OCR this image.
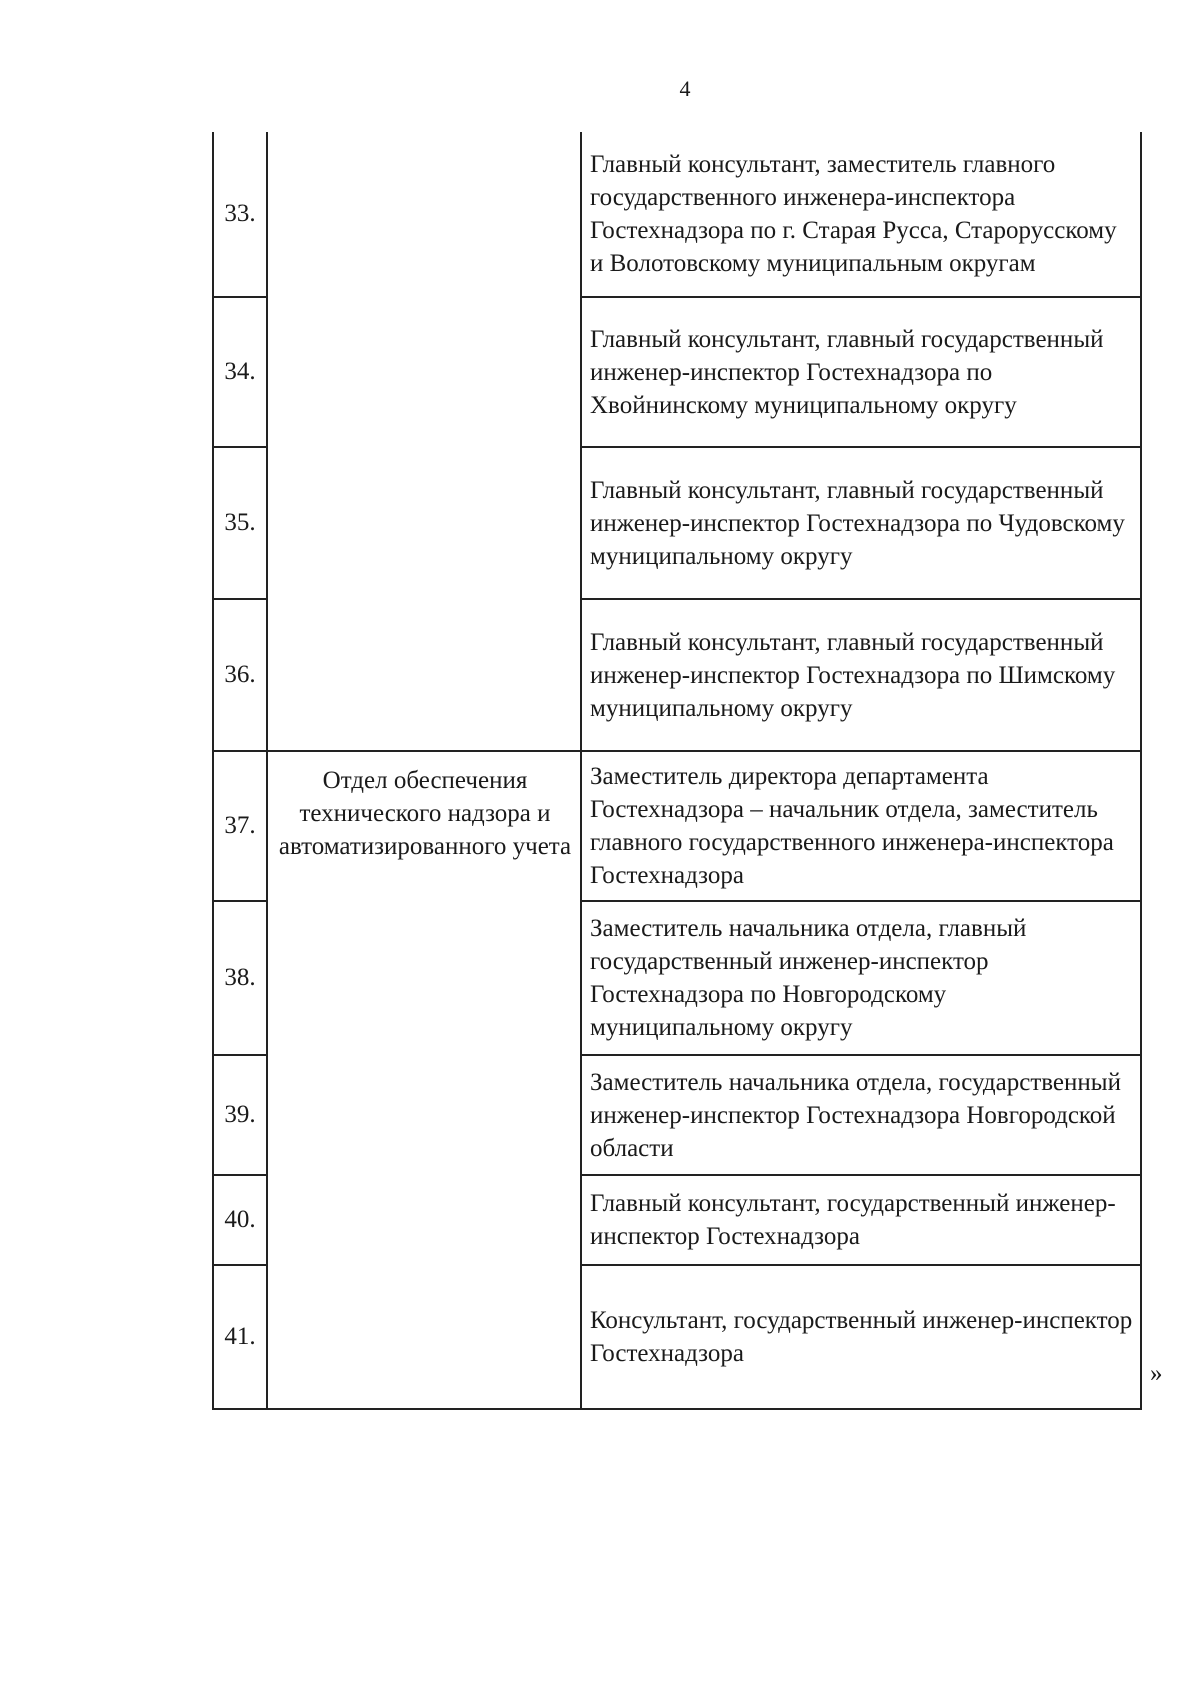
4
33.
Главный консультант, заместитель главного государственного инженера-инспектора Гостехнадзора по г. Старая Русса, Старорусскому и Волотовскому муниципальным округам
34.
Главный консультант, главный государственный инженер-инспектор Гостехнадзора по Хвойнинскому муниципальному округу
35.
Главный консультант, главный государственный инженер-инспектор Гостехнадзора по Чудовскому муниципальному округу
36.
Главный консультант, главный государственный инженер-инспектор Гостехнадзора по Шимскому муниципальному округу
Отдел обеспечения технического надзора и автоматизированного учета
37.
Заместитель директора департамента Гостехнадзора – начальник отдела, заместитель главного государственного инженера-инспектора Гостехнадзора
38.
Заместитель начальника отдела, главный государственный инженер-инспектор Гостехнадзора по Новгородскому муниципальному округу
39.
Заместитель начальника отдела, государственный инженер-инспектор Гостехнадзора Новгородской области
40.
Главный консультант, государственный инженер-инспектор Гостехнадзора
41.
Консультант, государственный инженер-инспектор Гостехнадзора
»
